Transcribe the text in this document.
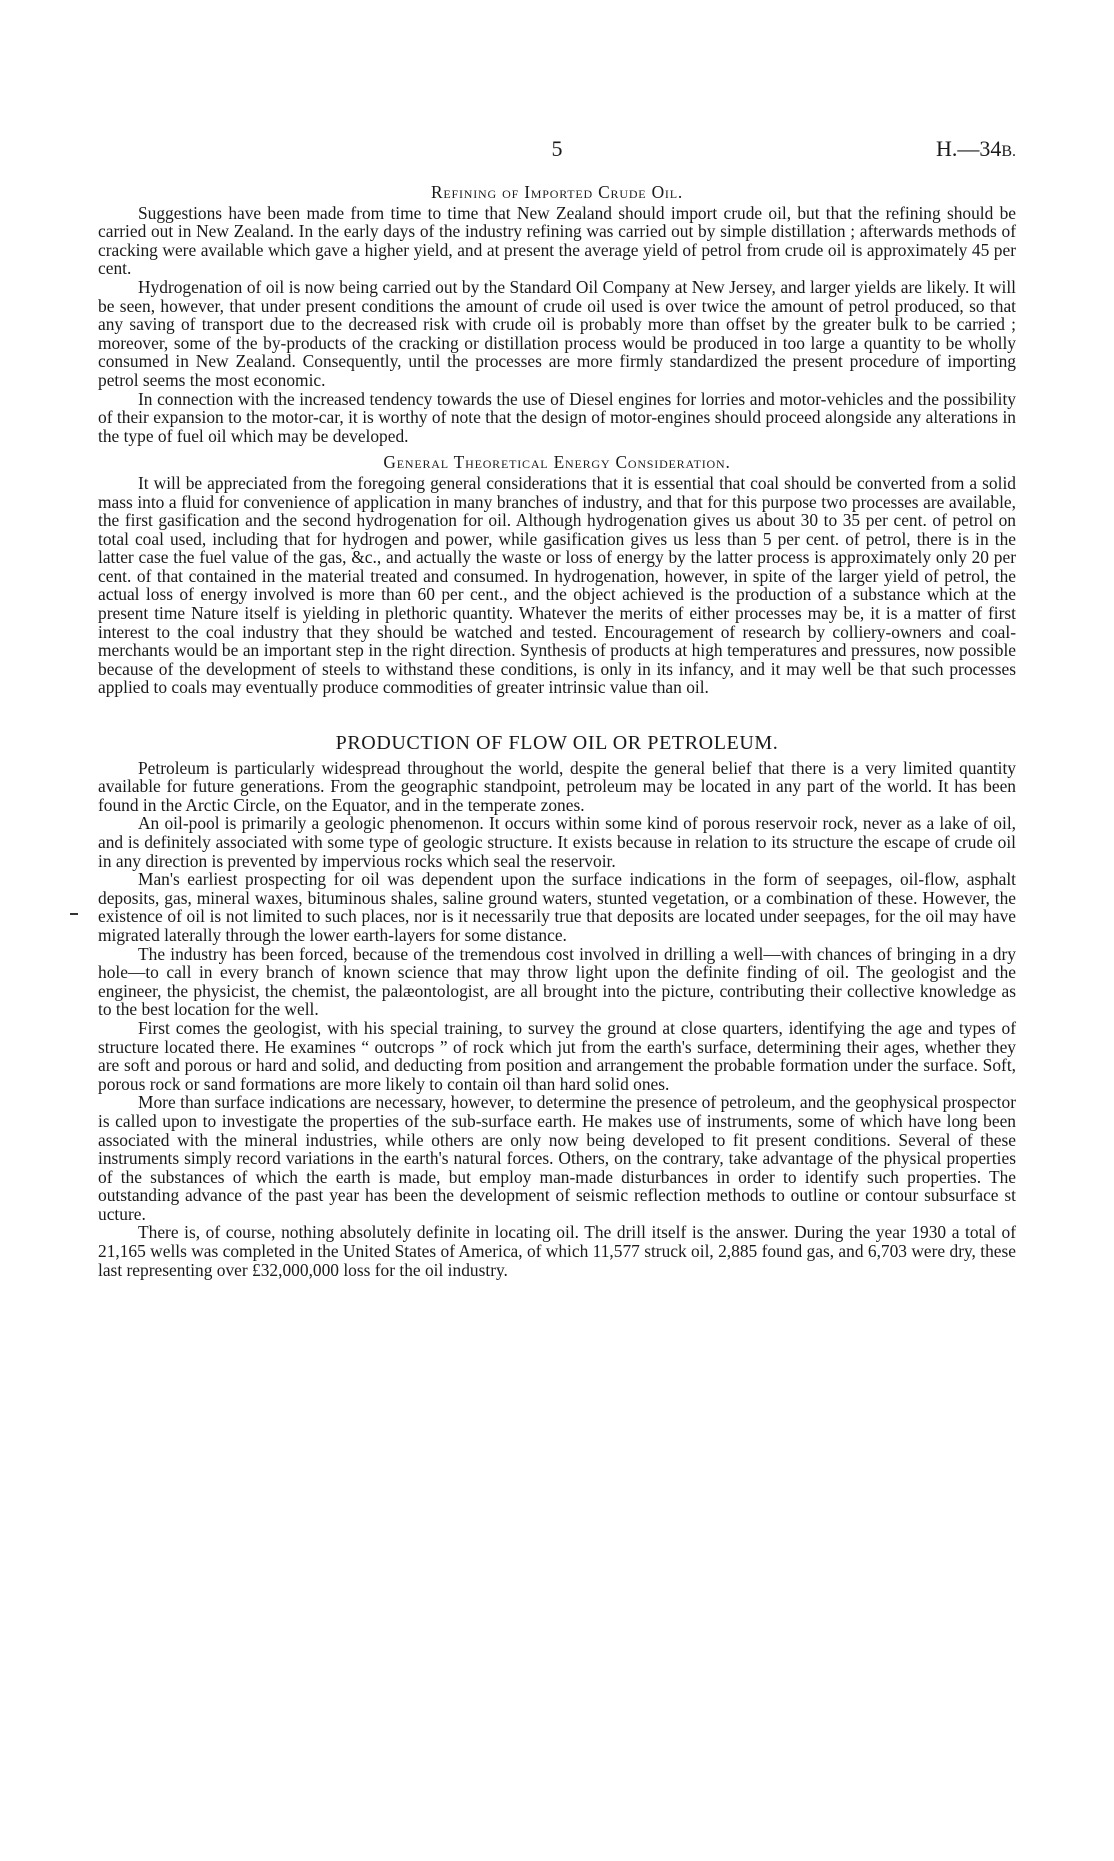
5	H.—34B.
Refining of Imported Crude Oil.

Suggestions have been made from time to time that New Zealand should import crude oil, but that the refining should be carried out in New Zealand. In the early days of the industry refining was carried out by simple distillation ; afterwards methods of cracking were available which gave a higher yield, and at present the average yield of petrol from crude oil is approximately 45 per cent.

Hydrogenation of oil is now being carried out by the Standard Oil Company at New Jersey, and larger yields are likely. It will be seen, however, that under present conditions the amount of crude oil used is over twice the amount of petrol produced, so that any saving of transport due to the decreased risk with crude oil is probably more than offset by the greater bulk to be carried ; moreover, some of the by-products of the cracking or distillation process would be produced in too large a quantity to be wholly consumed in New Zealand. Consequently, until the processes are more firmly standardized the present procedure of importing petrol seems the most economic.

In connection with the increased tendency towards the use of Diesel engines for lorries and motor-vehicles and the possibility of their expansion to the motor-car, it is worthy of note that the design of motor-engines should proceed alongside any alterations in the type of fuel oil which may be developed.

General Theoretical Energy Consideration.

It will be appreciated from the foregoing general considerations that it is essential that coal should be converted from a solid mass into a fluid for convenience of application in many branches of industry, and that for this purpose two processes are available, the first gasification and the second hydrogenation for oil. Although hydrogenation gives us about 30 to 35 per cent. of petrol on total coal used, including that for hydrogen and power, while gasification gives us less than 5 per cent. of petrol, there is in the latter case the fuel value of the gas, &c., and actually the waste or loss of energy by the latter process is approximately only 20 per cent. of that contained in the material treated and consumed. In hydrogenation, however, in spite of the larger yield of petrol, the actual loss of energy involved is more than 60 per cent., and the object achieved is the production of a substance which at the present time Nature itself is yielding in plethoric quantity. Whatever the merits of either processes may be, it is a matter of first interest to the coal industry that they should be watched and tested. Encouragement of research by colliery-owners and coal-merchants would be an important step in the right direction. Synthesis of products at high temperatures and pressures, now possible because of the development of steels to withstand these conditions, is only in its infancy, and it may well be that such processes applied to coals may eventually produce commodities of greater intrinsic value than oil.

PRODUCTION OF FLOW OIL OR PETROLEUM.

Petroleum is particularly widespread throughout the world, despite the general belief that there is a very limited quantity available for future generations. From the geographic standpoint, petroleum may be located in any part of the world. It has been found in the Arctic Circle, on the Equator, and in the temperate zones.

An oil-pool is primarily a geologic phenomenon. It occurs within some kind of porous reservoir rock, never as a lake of oil, and is definitely associated with some type of geologic structure. It exists because in relation to its structure the escape of crude oil in any direction is prevented by impervious rocks which seal the reservoir.

Man's earliest prospecting for oil was dependent upon the surface indications in the form of seepages, oil-flow, asphalt deposits, gas, mineral waxes, bituminous shales, saline ground waters, stunted vegetation, or a combination of these. However, the existence of oil is not limited to such places, nor is it necessarily true that deposits are located under seepages, for the oil may have migrated laterally through the lower earth-layers for some distance.

The industry has been forced, because of the tremendous cost involved in drilling a well—with chances of bringing in a dry hole—to call in every branch of known science that may throw light upon the definite finding of oil. The geologist and the engineer, the physicist, the chemist, the palæontologist, are all brought into the picture, contributing their collective knowledge as to the best location for the well.

First comes the geologist, with his special training, to survey the ground at close quarters, identifying the age and types of structure located there. He examines “ outcrops ” of rock which jut from the earth's surface, determining their ages, whether they are soft and porous or hard and solid, and deducting from position and arrangement the probable formation under the surface. Soft, porous rock or sand formations are more likely to contain oil than hard solid ones.

More than surface indications are necessary, however, to determine the presence of petroleum, and the geophysical prospector is called upon to investigate the properties of the sub-surface earth. He makes use of instruments, some of which have long been associated with the mineral industries, while others are only now being developed to fit present conditions. Several of these instruments simply record variations in the earth's natural forces. Others, on the contrary, take advantage of the physical properties of the substances of which the earth is made, but employ man-made disturbances in order to identify such properties. The outstanding advance of the past year has been the development of seismic reflection methods to outline or contour subsurface st ucture.

There is, of course, nothing absolutely definite in locating oil. The drill itself is the answer. During the year 1930 a total of 21,165 wells was completed in the United States of America, of which 11,577 struck oil, 2,885 found gas, and 6,703 were dry, these last representing over £32,000,000 loss for the oil industry.
